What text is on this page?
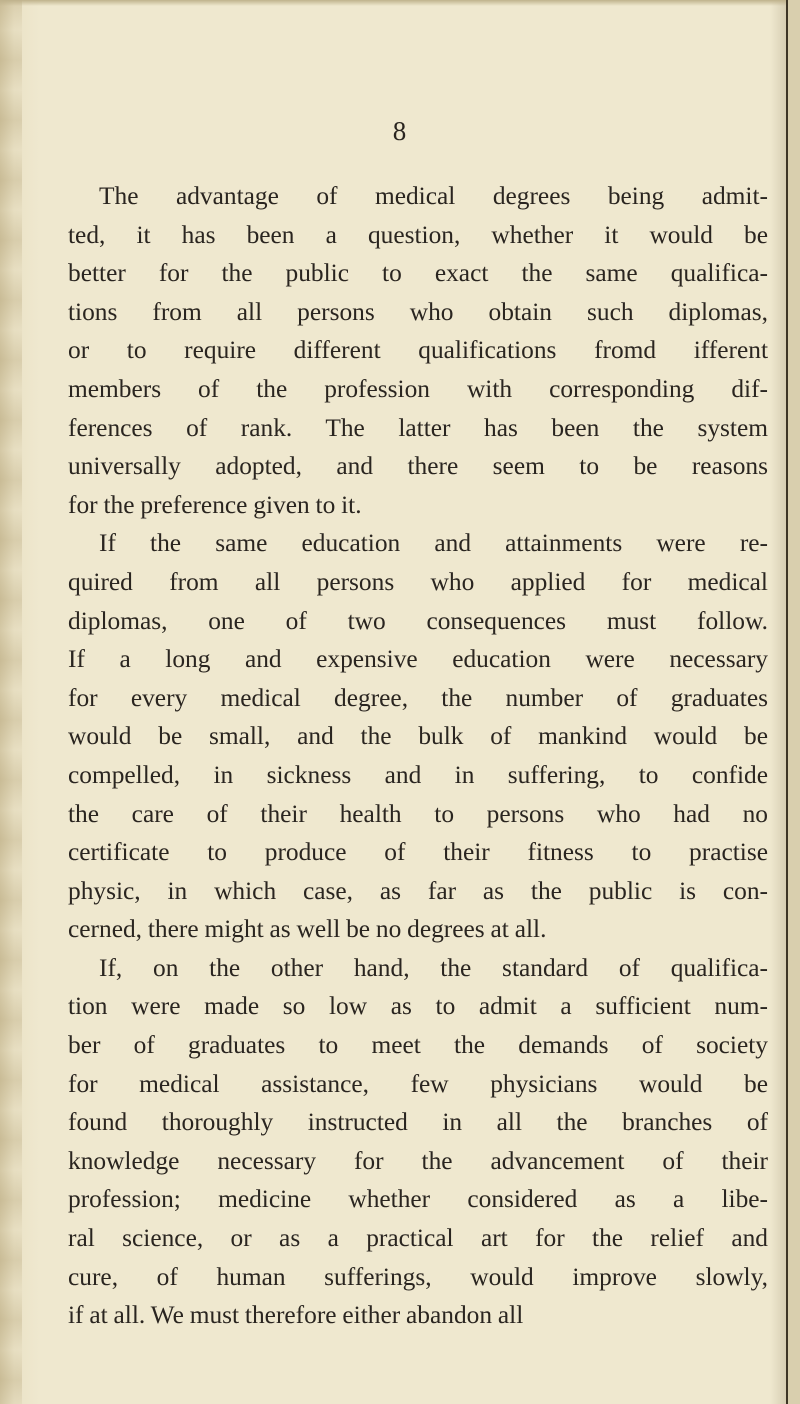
8
The advantage of medical degrees being admit-
ted, it has been a question, whether it would be
better for the public to exact the same qualifica-
tions from all persons who obtain such diplomas,
or to require different qualifications fromd ifferent
members of the profession with corresponding dif-
ferences of rank. The latter has been the system
universally adopted, and there seem to be reasons
for the preference given to it.
If the same education and attainments were re-
quired from all persons who applied for medical
diplomas, one of two consequences must follow.
If a long and expensive education were necessary
for every medical degree, the number of graduates
would be small, and the bulk of mankind would be
compelled, in sickness and in suffering, to confide
the care of their health to persons who had no
certificate to produce of their fitness to practise
physic, in which case, as far as the public is con-
cerned, there might as well be no degrees at all.
If, on the other hand, the standard of qualifica-
tion were made so low as to admit a sufficient num-
ber of graduates to meet the demands of society
for medical assistance, few physicians would be
found thoroughly instructed in all the branches of
knowledge necessary for the advancement of their
profession; medicine whether considered as a libe-
ral science, or as a practical art for the relief and
cure, of human sufferings, would improve slowly,
if at all. We must therefore either abandon all
